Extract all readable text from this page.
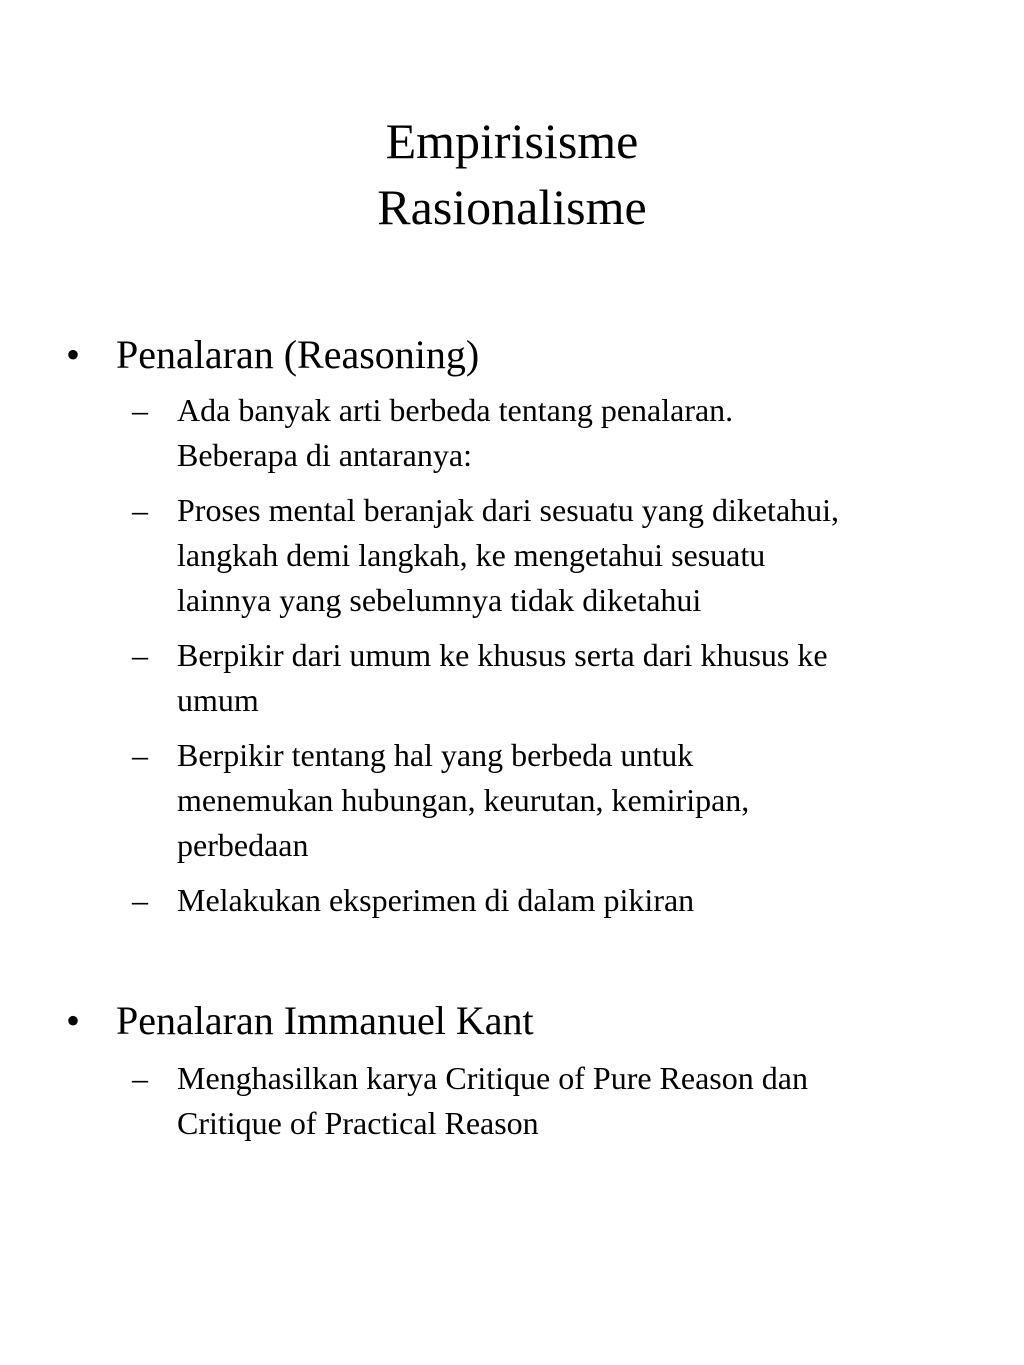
Empirisisme
Rasionalisme
• Penalaran (Reasoning)
– Ada banyak arti berbeda tentang penalaran.
Beberapa di antaranya:
– Proses mental beranjak dari sesuatu yang diketahui,
langkah demi langkah, ke mengetahui sesuatu
lainnya yang sebelumnya tidak diketahui
– Berpikir dari umum ke khusus serta dari khusus ke
umum
– Berpikir tentang hal yang berbeda untuk
menemukan hubungan, keurutan, kemiripan,
perbedaan
– Melakukan eksperimen di dalam pikiran
• Penalaran Immanuel Kant
– Menghasilkan karya Critique of Pure Reason dan
Critique of Practical Reason
